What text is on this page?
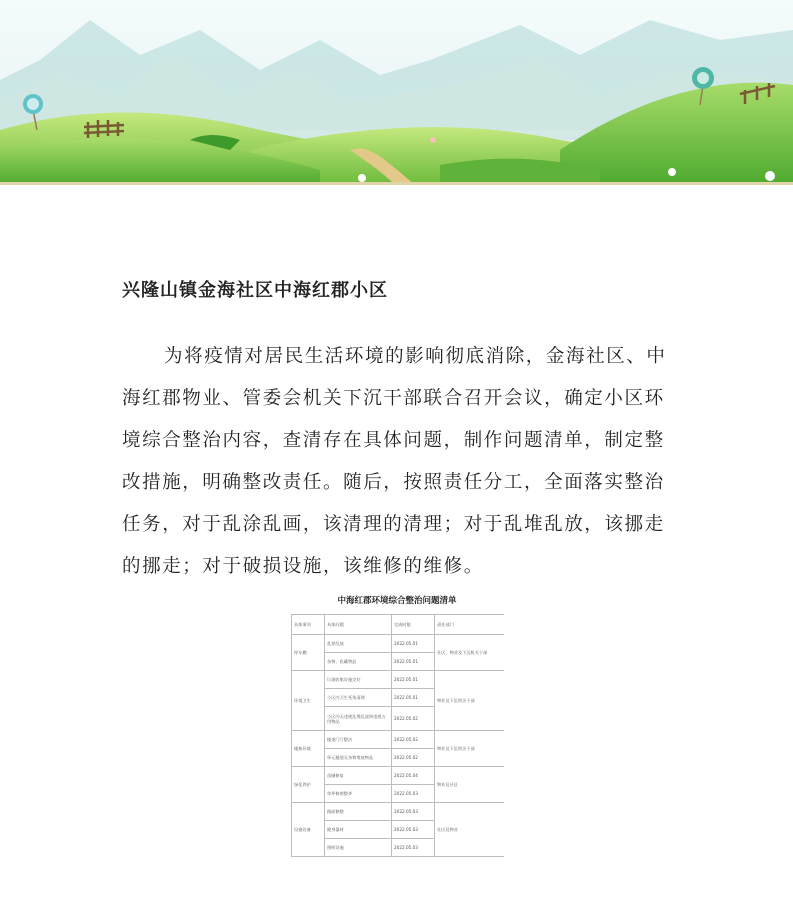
兴隆山镇金海社区中海红郡小区
为将疫情对居民生活环境的影响彻底消除，金海社区、中海红郡物业、管委会机关下沉干部联合召开会议，确定小区环境综合整治内容，查清存在具体问题，制作问题清单，制定整改措施，明确整改责任。随后，按照责任分工，全面落实整治任务，对于乱涂乱画，该清理的清理；对于乱堆乱放，该挪走的挪走；对于破损设施，该维修的维修。
中海红郡环境综合整治问题清单
具体事项	具体问题	完成时限	责任部门
停车棚	乱停乱放	2022.05.01	社区、物业及下沉机关干部
	杂物、私藏物品	2022.05.01	
环境卫生	垃圾收集设施完好	2022.05.01	物业及下沉机关干部
	小区内卫生死角清理	2022.05.01	
	小区内无违规乱堆乱放和违规占用物品	2022.05.02	
楼栋环境	楼道门厅整洁	2022.05.02	物业及下沉机关干部
	单元楼道无杂物堆放物品	2022.05.02	
绿化养护	苗圃修复	2022.05.04	物业及社区
	草坪修剪整齐	2022.05.03	
设施设备	路面修整	2022.05.03	社区及物业
	健身器材	2022.05.03	
	照明设施	2022.05.03	
